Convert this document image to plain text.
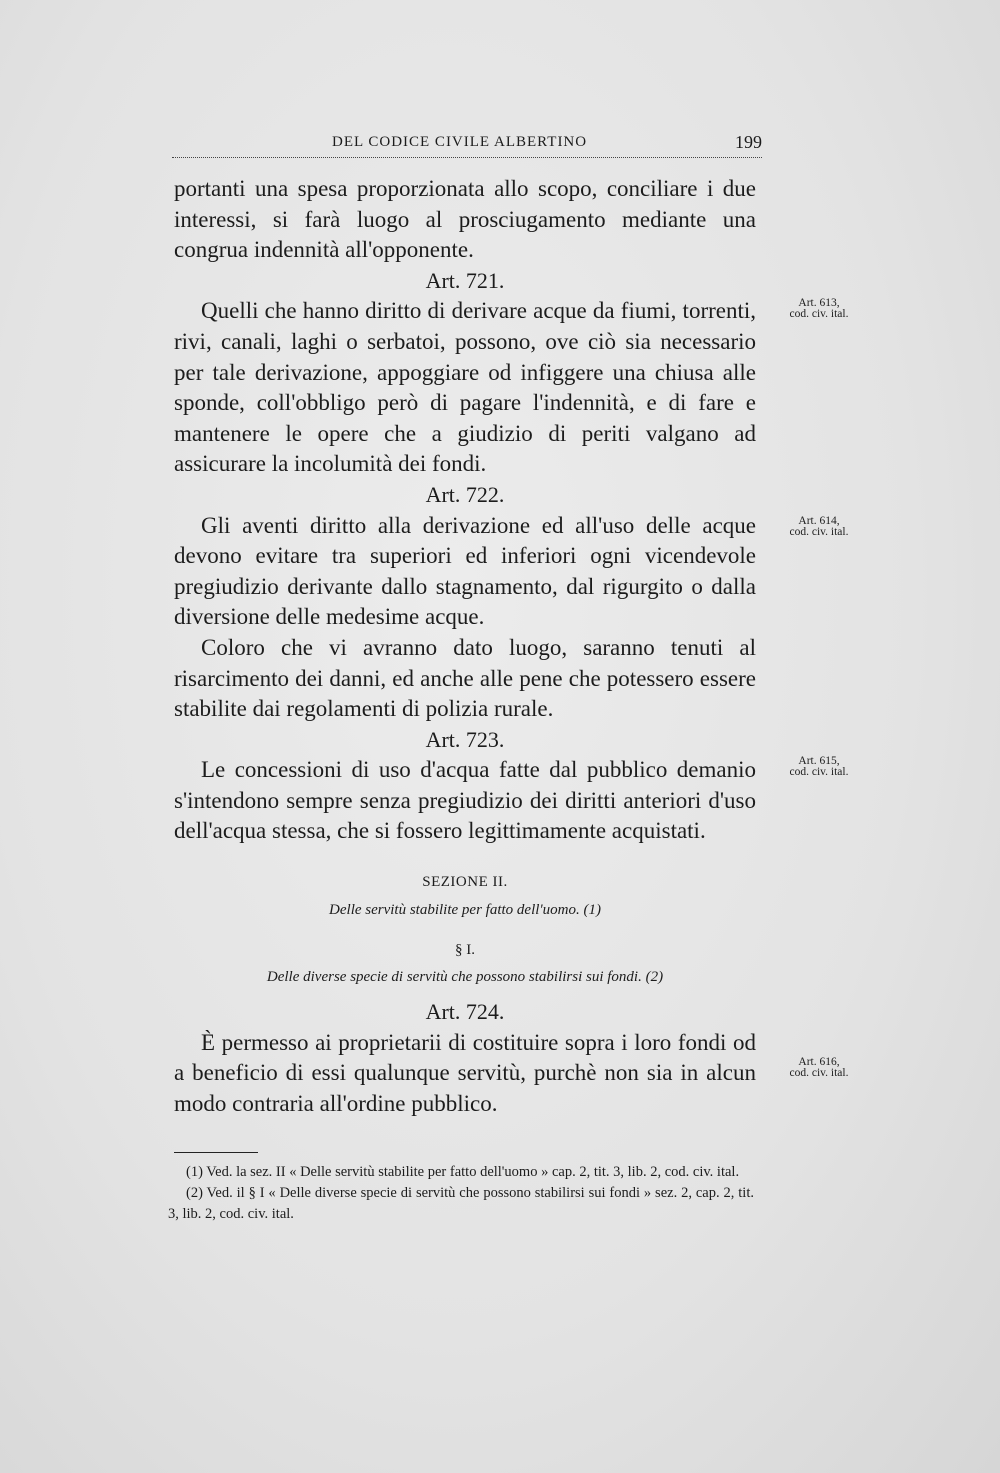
DEL CODICE CIVILE ALBERTINO	199

portanti una spesa proporzionata allo scopo, conciliare i due interessi, si farà luogo al prosciugamento mediante una congrua indennità all'opponente.

Art. 721.

Quelli che hanno diritto di derivare acque da fiumi, torrenti, rivi, canali, laghi o serbatoi, possono, ove ciò sia necessario per tale derivazione, appoggiare od infiggere una chiusa alle sponde, coll'obbligo però di pagare l'indennità, e di fare e mantenere le opere che a giudizio di periti valgano ad assicurare la incolumità dei fondi.

Art. 722.

Gli aventi diritto alla derivazione ed all'uso delle acque devono evitare tra superiori ed inferiori ogni vicendevole pregiudizio derivante dallo stagnamento, dal rigurgito o dalla diversione delle medesime acque.

Coloro che vi avranno dato luogo, saranno tenuti al risarcimento dei danni, ed anche alle pene che potessero essere stabilite dai regolamenti di polizia rurale.

Art. 723.

Le concessioni di uso d'acqua fatte dal pubblico demanio s'intendono sempre senza pregiudizio dei diritti anteriori d'uso dell'acqua stessa, che si fossero legittimamente acquistati.

SEZIONE II.

Delle servitù stabilite per fatto dell'uomo. (1)

§ I.

Delle diverse specie di servitù che possono stabilirsi sui fondi. (2)

Art. 724.

È permesso ai proprietarii di costituire sopra i loro fondi od a beneficio di essi qualunque servitù, purchè non sia in alcun modo contraria all'ordine pubblico.

Art. 613,
cod. civ. ital.
Art. 614,
cod. civ. ital.
Art. 615,
cod. civ. ital.
Art. 616,
cod. civ. ital.

(1) Ved. la sez. II « Delle servitù stabilite per fatto dell'uomo » cap. 2, tit. 3, lib. 2, cod. civ. ital.

(2) Ved. il § I « Delle diverse specie di servitù che possono stabilirsi sui fondi » sez. 2, cap. 2, tit. 3, lib. 2, cod. civ. ital.
